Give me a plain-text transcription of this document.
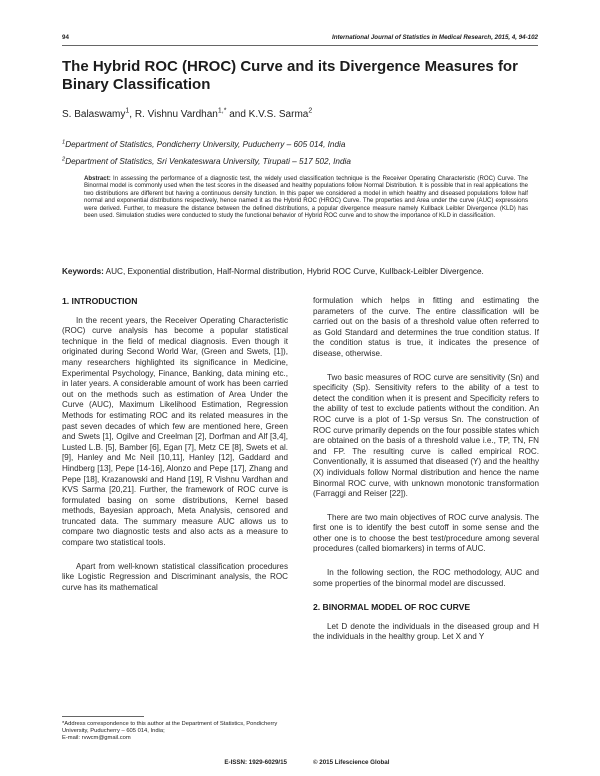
94	International Journal of Statistics in Medical Research, 2015, 4, 94-102
The Hybrid ROC (HROC) Curve and its Divergence Measures for Binary Classification
S. Balaswamy$^1$, R. Vishnu Vardhan$^{1,*}$ and K.V.S. Sarma$^2$
$^1$Department of Statistics, Pondicherry University, Puducherry – 605 014, India
$^2$Department of Statistics, Sri Venkateswara University, Tirupati – 517 502, India

Abstract: In assessing the performance of a diagnostic test, the widely used classification technique is the Receiver Operating Characteristic (ROC) Curve. The Binormal model is commonly used when the test scores in the diseased and healthy populations follow Normal Distribution. It is possible that in real applications the two distributions are different but having a continuous density function. In this paper we considered a model in which healthy and diseased populations follow half normal and exponential distributions respectively, hence named it as the Hybrid ROC (HROC) Curve. The properties and Area under the curve (AUC) expressions were derived. Further, to measure the distance between the defined distributions, a popular divergence measure namely Kullback Leibler Divergence (KLD) has been used. Simulation studies were conducted to study the functional behavior of Hybrid ROC curve and to show the importance of KLD in classification.

Keywords: AUC, Exponential distribution, Half-Normal distribution, Hybrid ROC Curve, Kullback-Leibler Divergence.

1. INTRODUCTION

In the recent years, the Receiver Operating Characteristic (ROC) curve analysis has become a popular statistical technique in the field of medical diagnosis. Even though it originated during Second World War, (Green and Swets, [1]), many researchers highlighted its significance in Medicine, Experimental Psychology, Finance, Banking, data mining etc., in later years. A considerable amount of work has been carried out on the methods such as estimation of Area Under the Curve (AUC), Maximum Likelihood Estimation, Regression Methods for estimating ROC and its related measures in the past seven decades of which few are mentioned here, Green and Swets [1], Ogilve and Creelman [2], Dorfman and Alf [3,4], Lusted L.B. [5], Bamber [6], Egan [7], Metz CE [8], Swets et al. [9], Hanley and Mc Neil [10,11], Hanley [12], Gaddard and Hindberg [13], Pepe [14-16], Alonzo and Pepe [17], Zhang and Pepe [18], Krazanowski and Hand [19], R Vishnu Vardhan and KVS Sarma [20,21]. Further, the framework of ROC curve is formulated basing on some distributions, Kernel based methods, Bayesian approach, Meta Analysis, censored and truncated data. The summary measure AUC allows us to compare two diagnostic tests and also acts as a measure to compare two statistical tools.

Apart from well-known statistical classification procedures like Logistic Regression and Discriminant analysis, the ROC curve has its mathematical

formulation which helps in fitting and estimating the parameters of the curve. The entire classification will be carried out on the basis of a threshold value often referred to as Gold Standard and determines the true condition status. If the condition status is true, it indicates the presence of disease, otherwise.

Two basic measures of ROC curve are sensitivity (Sn) and specificity (Sp). Sensitivity refers to the ability of a test to detect the condition when it is present and Specificity refers to the ability of test to exclude patients without the condition. An ROC curve is a plot of 1-Sp versus Sn. The construction of ROC curve primarily depends on the four possible states which are obtained on the basis of a threshold value i.e., TP, TN, FN and FP. The resulting curve is called empirical ROC. Conventionally, it is assumed that diseased (Y) and the healthy (X) individuals follow Normal distribution and hence the name Binormal ROC curve, with unknown monotonic transformation (Farraggi and Reiser [22]).

There are two main objectives of ROC curve analysis. The first one is to identify the best cutoff in some sense and the other one is to choose the best test/procedure among several procedures (called biomarkers) in terms of AUC.

In the following section, the ROC methodology, AUC and some properties of the binormal model are discussed.

2. BINORMAL MODEL OF ROC CURVE

Let D denote the individuals in the diseased group and H the individuals in the healthy group. Let X and Y

*Address correspondence to this author at the Department of Statistics, Pondicherry University, Puducherry – 605 014, India;
E-mail: rvwcm@gmail.com

E-ISSN: 1929-6029/15	© 2015 Lifescience Global
